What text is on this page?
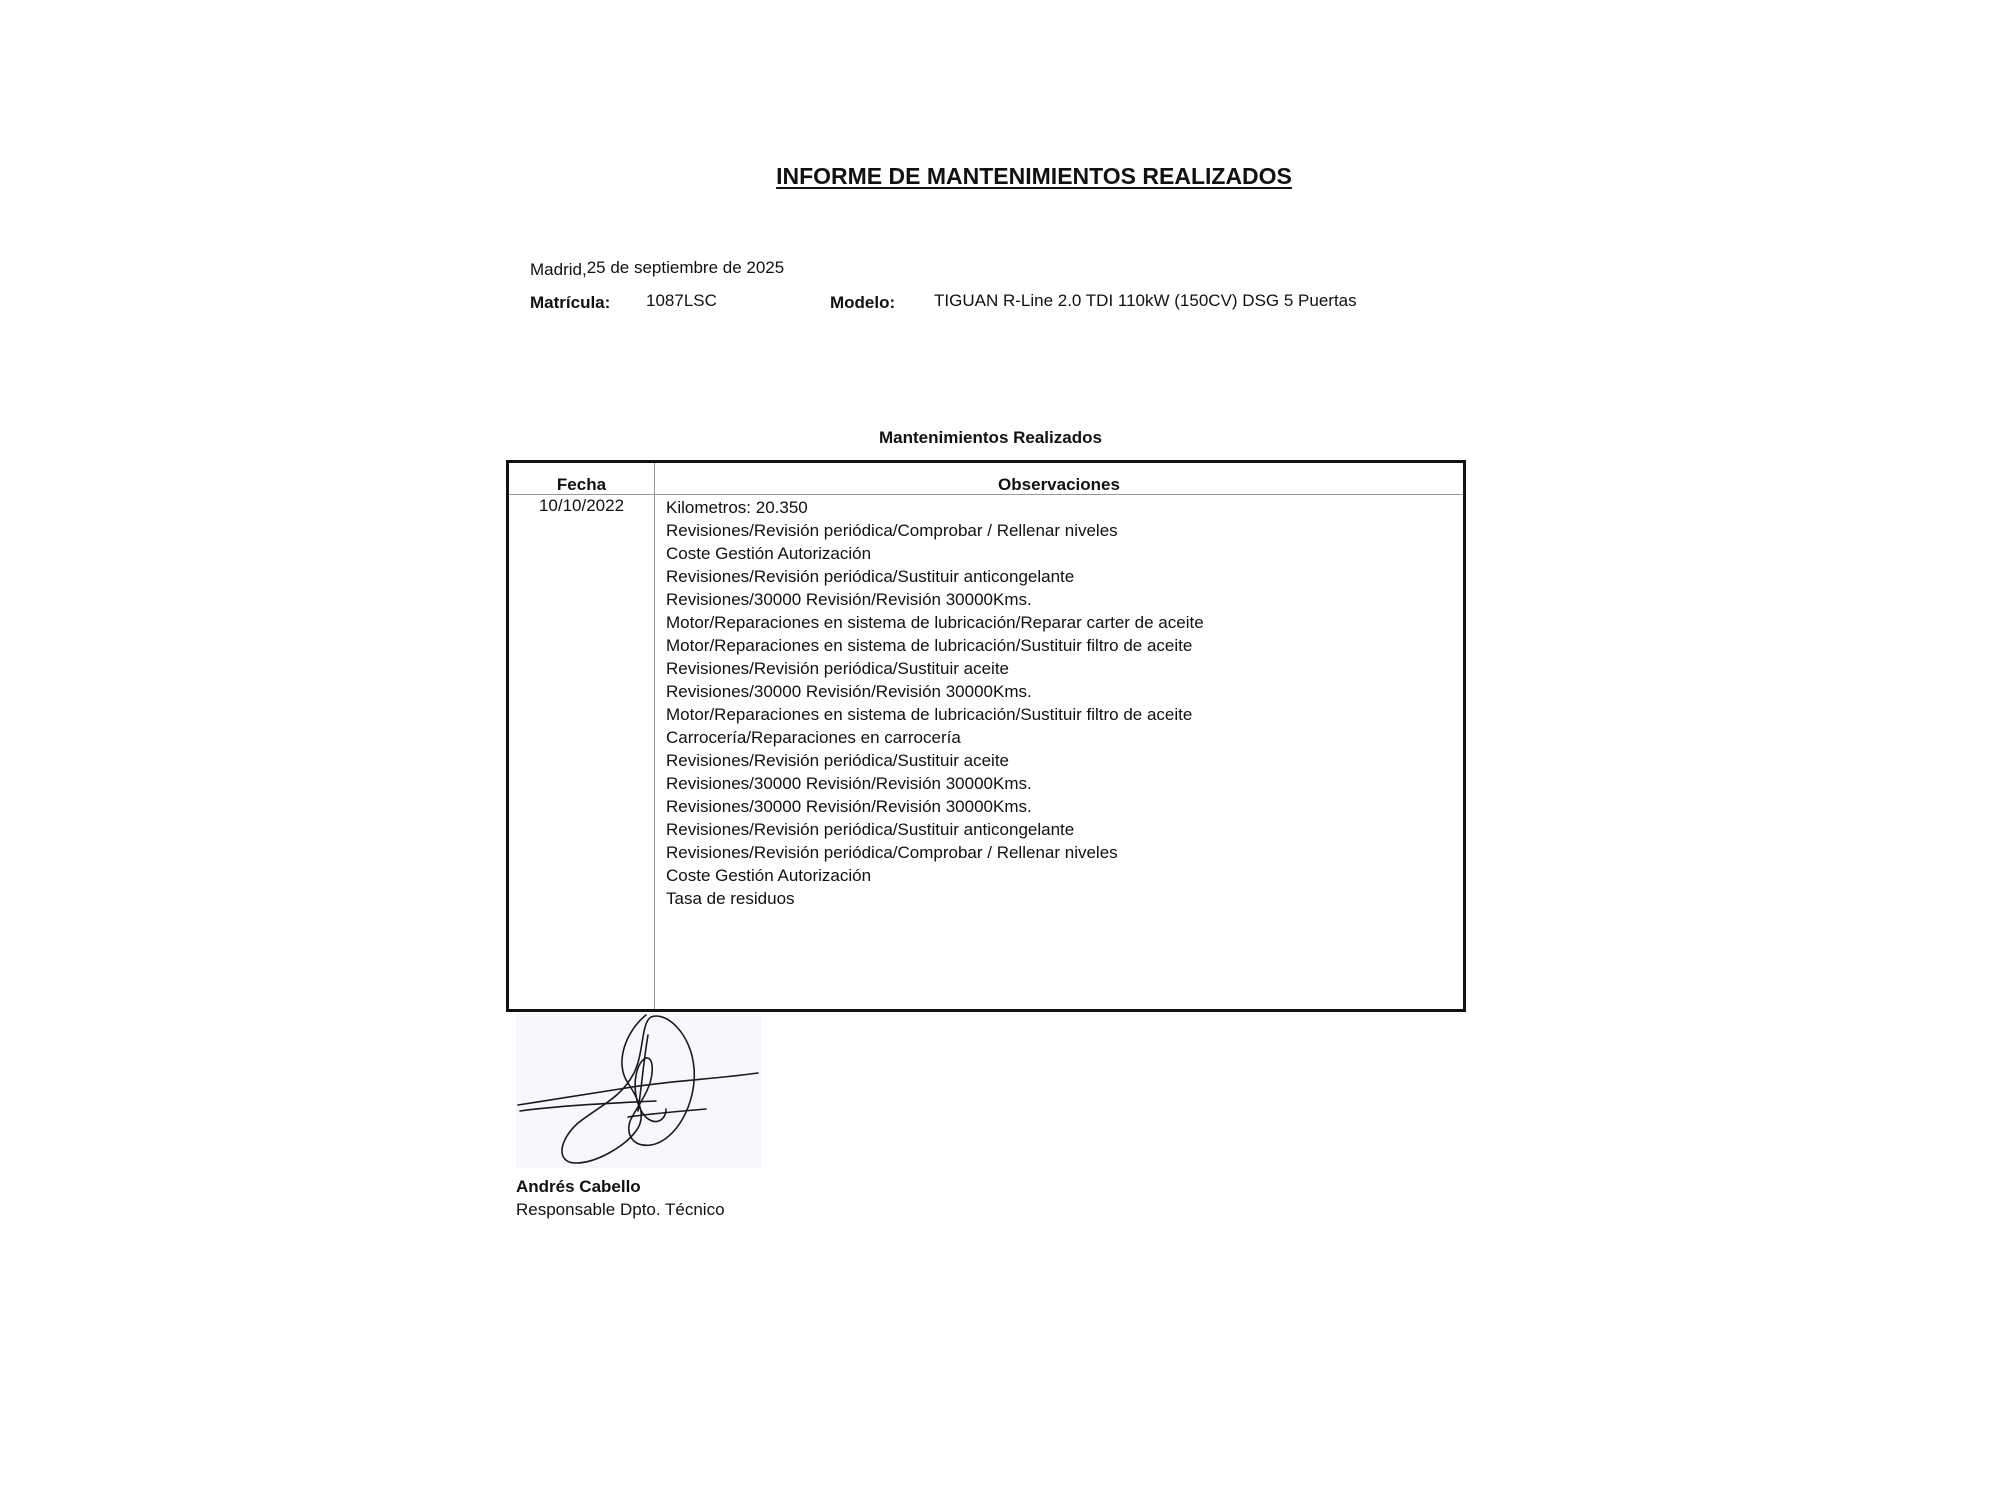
INFORME DE MANTENIMIENTOS REALIZADOS
Madrid,25 de septiembre de 2025
Matrícula: 1087LSC	Modelo: TIGUAN R-Line 2.0 TDI 110kW (150CV) DSG 5 Puertas
Mantenimientos Realizados
Fecha	Observaciones
10/10/2022	Kilometros: 20.350
Revisiones/Revisión periódica/Comprobar / Rellenar niveles
Coste Gestión Autorización
Revisiones/Revisión periódica/Sustituir anticongelante
Revisiones/30000 Revisión/Revisión 30000Kms.
Motor/Reparaciones en sistema de lubricación/Reparar carter de aceite
Motor/Reparaciones en sistema de lubricación/Sustituir filtro de aceite
Revisiones/Revisión periódica/Sustituir aceite
Revisiones/30000 Revisión/Revisión 30000Kms.
Motor/Reparaciones en sistema de lubricación/Sustituir filtro de aceite
Carrocería/Reparaciones en carrocería
Revisiones/Revisión periódica/Sustituir aceite
Revisiones/30000 Revisión/Revisión 30000Kms.
Revisiones/30000 Revisión/Revisión 30000Kms.
Revisiones/Revisión periódica/Sustituir anticongelante
Revisiones/Revisión periódica/Comprobar / Rellenar niveles
Coste Gestión Autorización
Tasa de residuos
Andrés Cabello
Responsable Dpto. Técnico
